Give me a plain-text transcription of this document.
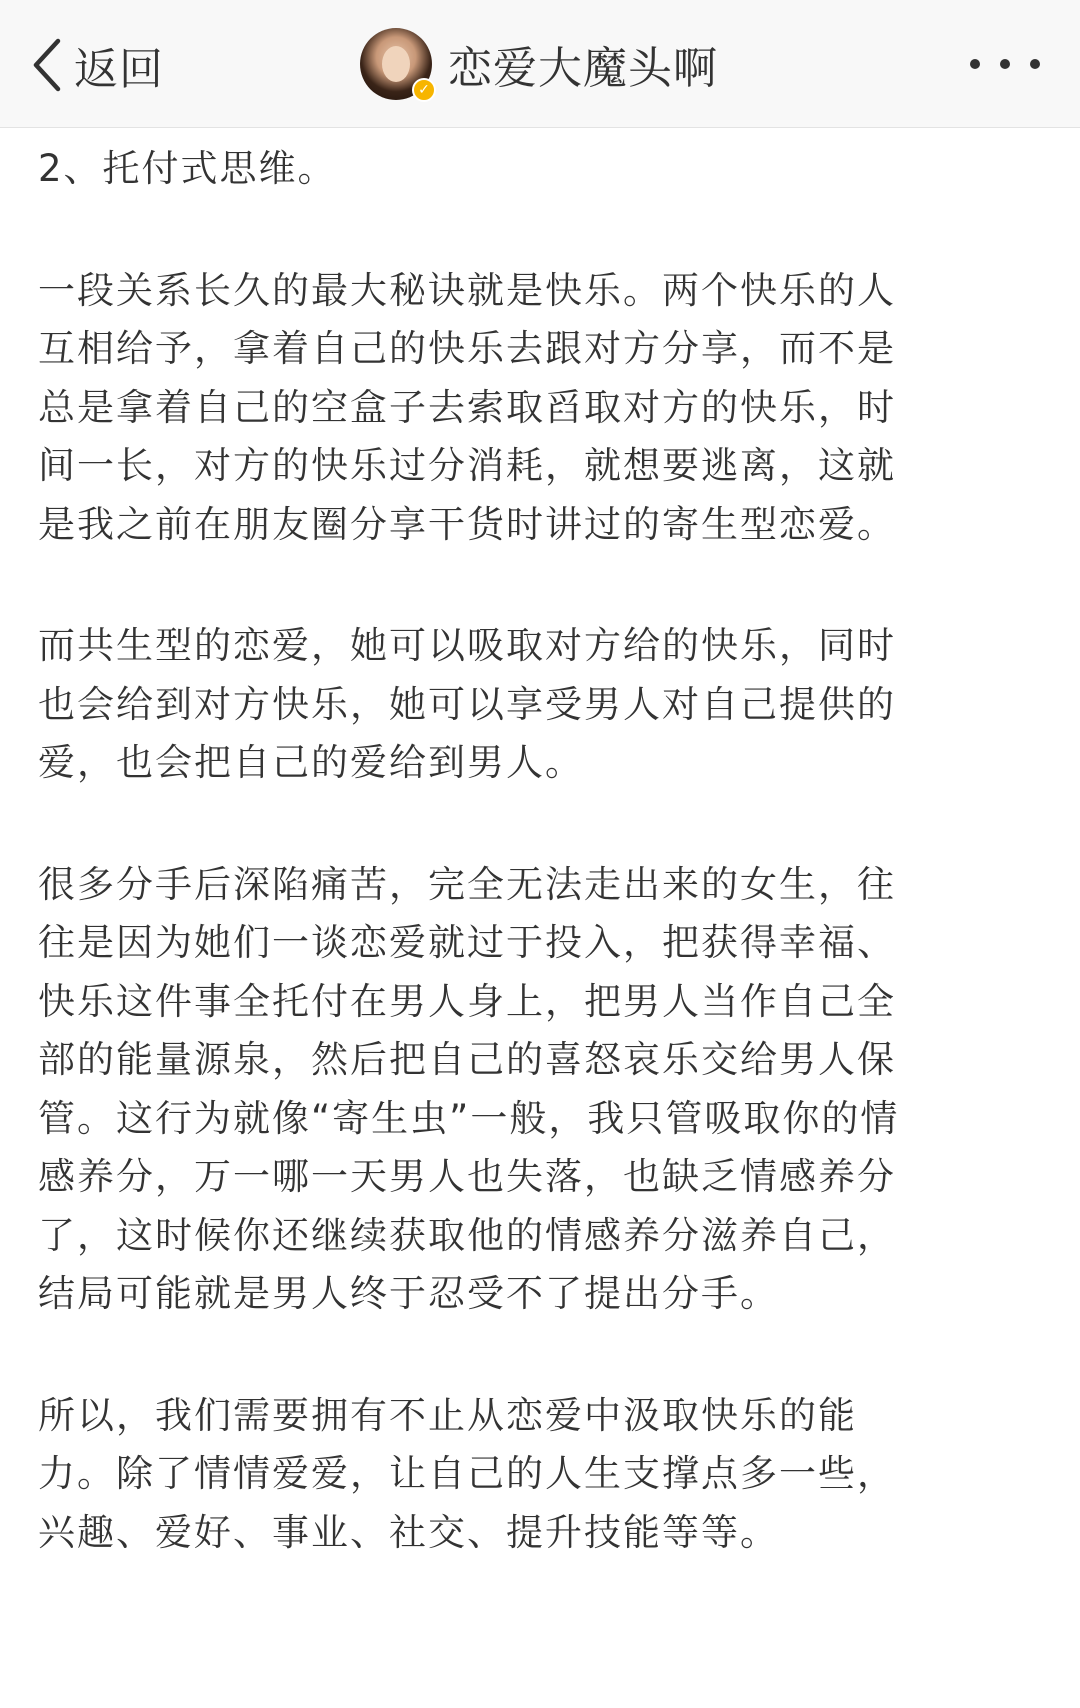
返回	✓ 恋爱大魔头啊

2、托付式思维。

一段关系长久的最大秘诀就是快乐。两个快乐的人
互相给予，拿着自己的快乐去跟对方分享，而不是
总是拿着自己的空盒子去索取舀取对方的快乐，时
间一长，对方的快乐过分消耗，就想要逃离，这就
是我之前在朋友圈分享干货时讲过的寄生型恋爱。

而共生型的恋爱，她可以吸取对方给的快乐，同时
也会给到对方快乐，她可以享受男人对自己提供的
爱，也会把自己的爱给到男人。

很多分手后深陷痛苦，完全无法走出来的女生，往
往是因为她们一谈恋爱就过于投入，把获得幸福、
快乐这件事全托付在男人身上，把男人当作自己全
部的能量源泉，然后把自己的喜怒哀乐交给男人保
管。这行为就像“寄生虫”一般，我只管吸取你的情
感养分，万一哪一天男人也失落，也缺乏情感养分
了，这时候你还继续获取他的情感养分滋养自己，
结局可能就是男人终于忍受不了提出分手。

所以，我们需要拥有不止从恋爱中汲取快乐的能
力。除了情情爱爱，让自己的人生支撑点多一些，
兴趣、爱好、事业、社交、提升技能等等。
